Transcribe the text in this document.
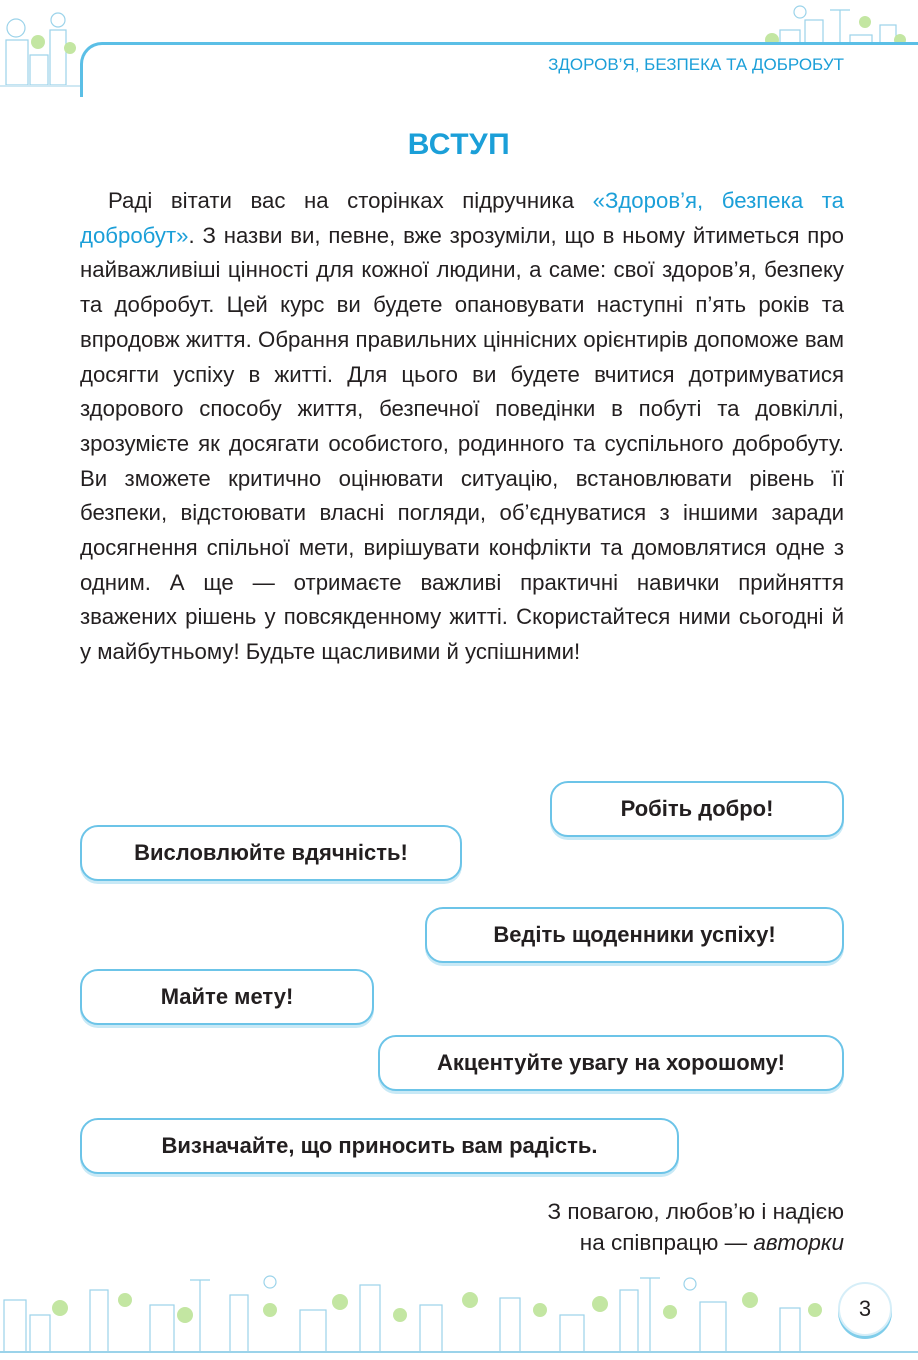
ЗДОРОВ’Я, БЕЗПЕКА ТА ДОБРОБУТ
ВСТУП

Раді вітати вас на сторінках підручника «Здоров’я, безпека та добробут». З назви ви, певне, вже зрозуміли, що в ньому йтиметься про найважливіші цінності для кожної людини, а саме: свої здоров’я, безпеку та добробут. Цей курс ви будете опановувати наступні п’ять років та впродовж життя. Обрання правильних ціннісних орієнтирів допоможе вам досягти успіху в житті. Для цього ви будете вчитися дотримуватися здорового способу життя, безпечної поведінки в побуті та довкіллі, зрозумієте як досягати особистого, родинного та суспільного добробуту. Ви зможете критично оцінювати ситуацію, встановлювати рівень її безпеки, відстоювати власні погляди, об’єднуватися з іншими заради досягнення спільної мети, вирішувати конфлікти та домовлятися одне з одним. А ще — отримаєте важливі практичні навички прийняття зважених рішень у повсякденному житті. Скористайтеся ними сьогодні й у майбутньому! Будьте щасливими й успішними!

Робіть добро!
Висловлюйте вдячність!
Ведіть щоденники успіху!
Майте мету!
Акцентуйте увагу на хорошому!
Визначайте, що приносить вам радість.
З повагою, любов’ю і надією
на співпрацю — авторки
3
